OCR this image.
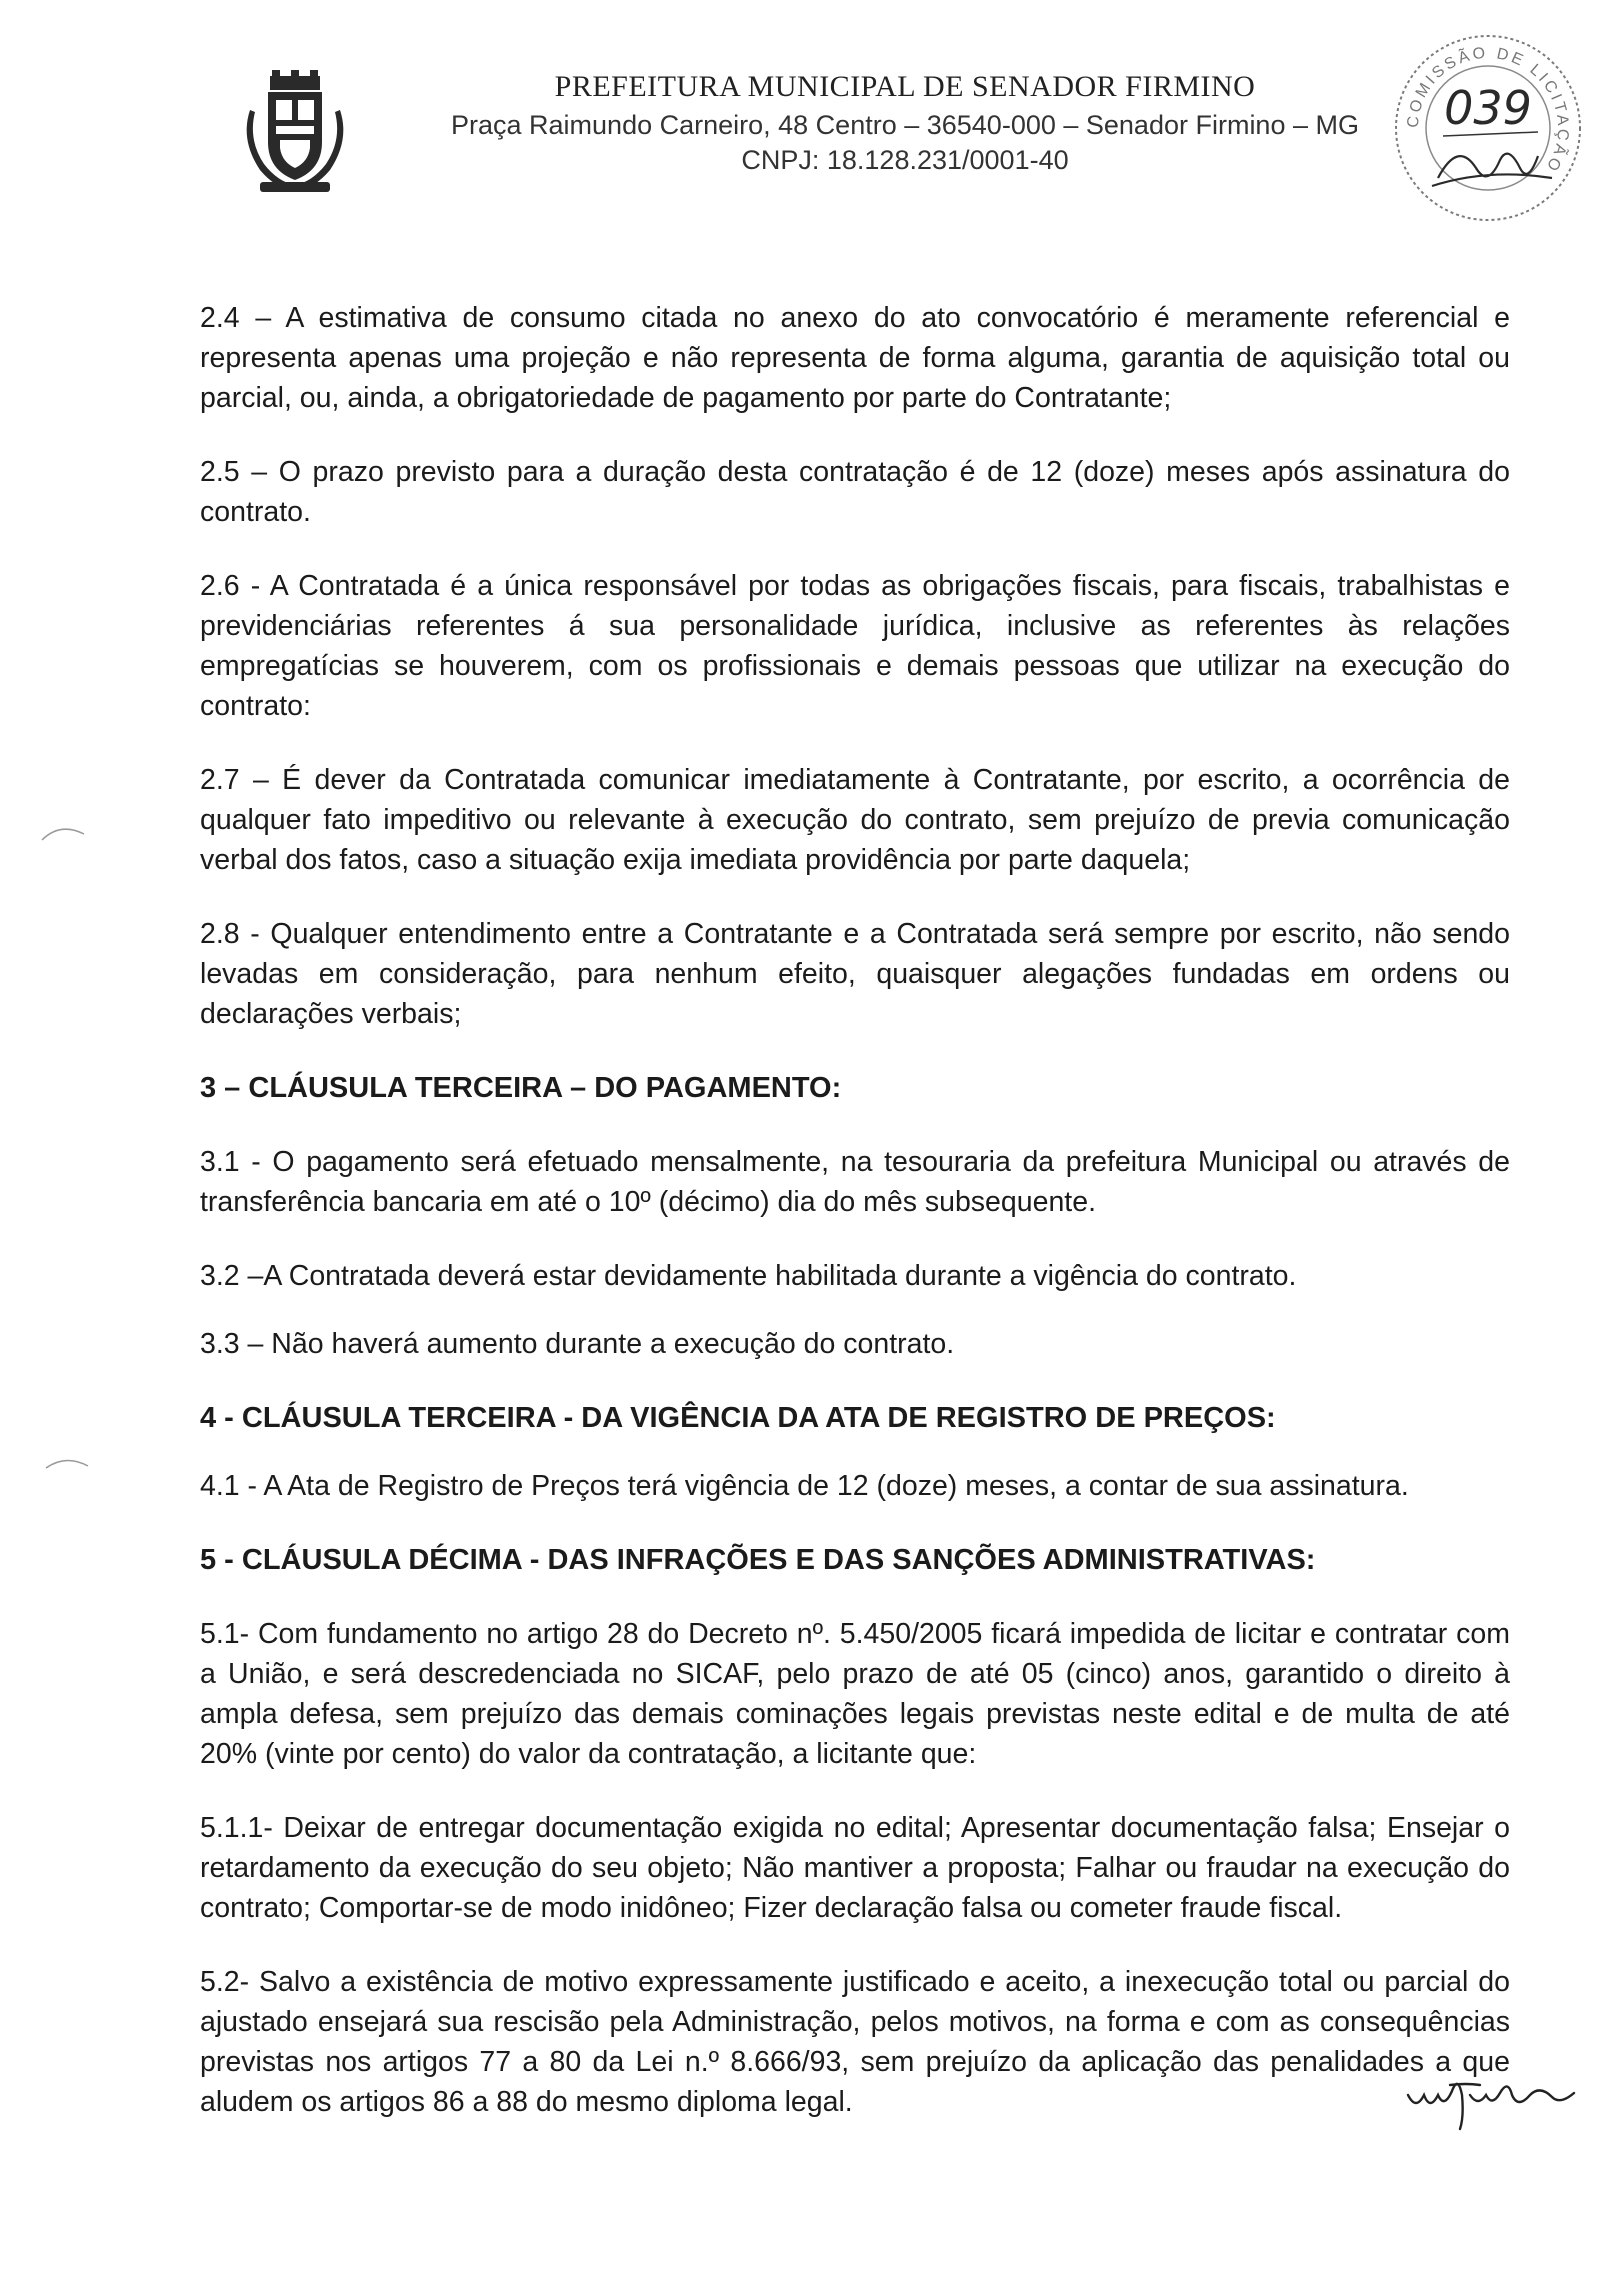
PREFEITURA MUNICIPAL DE SENADOR FIRMINO

Praça Raimundo Carneiro, 48 Centro – 36540-000 – Senador Firmino – MG

CNPJ: 18.128.231/0001-40

COMISSÃO DE LICITAÇÃO
039

2.4 – A estimativa de consumo citada no anexo do ato convocatório é meramente referencial e representa apenas uma projeção e não representa de forma alguma, garantia de aquisição total ou parcial, ou, ainda, a obrigatoriedade de pagamento por parte do Contratante;

2.5 – O prazo previsto para a duração desta contratação é de 12 (doze) meses após assinatura do contrato.

2.6 - A Contratada é a única responsável por todas as obrigações fiscais, para fiscais, trabalhistas e previdenciárias referentes á sua personalidade jurídica, inclusive as referentes às relações empregatícias se houverem, com os profissionais e demais pessoas que utilizar na execução do contrato:

2.7 – É dever da Contratada comunicar imediatamente à Contratante, por escrito, a ocorrência de qualquer fato impeditivo ou relevante à execução do contrato, sem prejuízo de previa comunicação verbal dos fatos, caso a situação exija imediata providência por parte daquela;

2.8 - Qualquer entendimento entre a Contratante e a Contratada será sempre por escrito, não sendo levadas em consideração, para nenhum efeito, quaisquer alegações fundadas em ordens ou declarações verbais;

3 – CLÁUSULA TERCEIRA – DO PAGAMENTO:

3.1 - O pagamento será efetuado mensalmente, na tesouraria da prefeitura Municipal ou através de transferência bancaria em até o 10º (décimo) dia do mês subsequente.

3.2 –A Contratada deverá estar devidamente habilitada durante a vigência do contrato.

3.3 – Não haverá aumento durante a execução do contrato.

4 - CLÁUSULA TERCEIRA - DA VIGÊNCIA DA ATA DE REGISTRO DE PREÇOS:

4.1 - A Ata de Registro de Preços terá vigência de 12 (doze) meses, a contar de sua assinatura.

5 - CLÁUSULA DÉCIMA - DAS INFRAÇÕES E DAS SANÇÕES ADMINISTRATIVAS:

5.1- Com fundamento no artigo 28 do Decreto nº. 5.450/2005 ficará impedida de licitar e contratar com a União, e será descredenciada no SICAF, pelo prazo de até 05 (cinco) anos, garantido o direito à ampla defesa, sem prejuízo das demais cominações legais previstas neste edital e de multa de até 20% (vinte por cento) do valor da contratação, a licitante que:

5.1.1- Deixar de entregar documentação exigida no edital; Apresentar documentação falsa; Ensejar o retardamento da execução do seu objeto; Não mantiver a proposta; Falhar ou fraudar na execução do contrato; Comportar-se de modo inidôneo; Fizer declaração falsa ou cometer fraude fiscal.

5.2- Salvo a existência de motivo expressamente justificado e aceito, a inexecução total ou parcial do ajustado ensejará sua rescisão pela Administração, pelos motivos, na forma e com as consequências previstas nos artigos 77 a 80 da Lei n.º 8.666/93, sem prejuízo da aplicação das penalidades a que aludem os artigos 86 a 88 do mesmo diploma legal.
